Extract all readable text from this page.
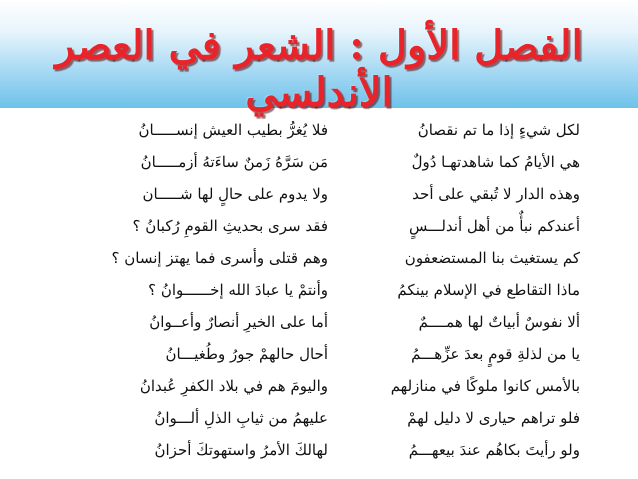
الفصل الأول : الشعر في العصر الأندلسي
لكل شيءٍ إذا ما تم نقصانُ
هي الأيامُ كما شاهدتهـا دُولٌ
وهذه الدار لا تُبقي على أحد
أعندكم نبأٌ من أهل أندلـــسٍ
كم يستغيث بنا المستضعفون
ماذا التقاطع في الإسلام بينكمُ
ألا نفوسٌ أبياتٌ لها همــــمٌ
يا من لذلةِ قومٍ بعدَ عزِّهـــمُ
بالأمس كانوا ملوكًا في منازلهم
فلو تراهم حيارى لا دليل لهمْ
ولو رأيتَ بكاهُم عندَ بيعهـــمُ
فلا يُغرُّ بطيب العيش إنســـــانُ
مَن سَرَّهُ زَمنٌ ساءَتهُ أزمـــــانُ
ولا يدوم على حالٍ لها شـــــان
فقد سرى بحديثِ القومِ رُكبانُ ؟
وهم قتلى وأسرى فما يهتز إنسان ؟
وأنتمْ يا عبادَ الله إخــــــوانُ ؟
أما على الخيرِ أنصارٌ وأعــوانُ
أحال حالهمْ جورُ وطُغيـــانُ
واليومَ هم في بلاد الكفرِ عُبدانُ
عليهمُ من ثيابِ الذلِ ألـــوانُ
لهالكَ الأمرُ واستهوتكَ أحزانُ
